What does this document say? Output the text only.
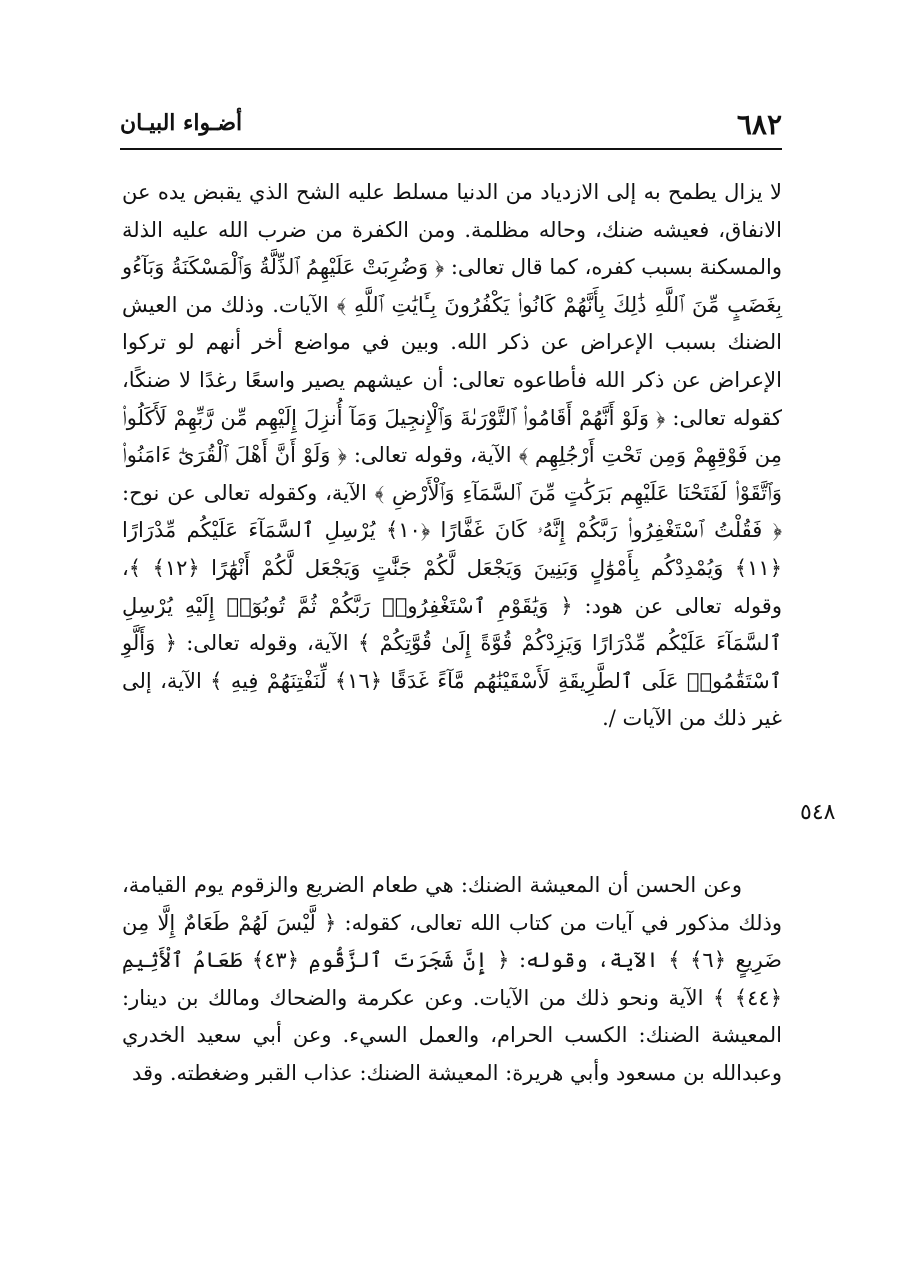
٦٨٢
أضـواء البيـان

لا يزال يطمح به إلى الازدياد من الدنيا مسلط عليه الشح الذي يقبض يده عن الانفاق، فعيشه ضنك، وحاله مظلمة. ومن الكفرة من ضرب الله عليه الذلة والمسكنة بسبب كفره، كما قال تعالى: ﴿ وَضُرِبَتْ عَلَيْهِمُ ٱلذِّلَّةُ وَٱلْمَسْكَنَةُ وَبَآءُو بِغَضَبٍ مِّنَ ٱللَّهِ ذَٰلِكَ بِأَنَّهُمْ كَانُوا۟ يَكْفُرُونَ بِـَٔايَٰتِ ٱللَّهِ ﴾ الآيات. وذلك من العيش الضنك بسبب الإعراض عن ذكر الله. وبين في مواضع أخر أنهم لو تركوا الإعراض عن ذكر الله فأطاعوه تعالى: أن عيشهم يصير واسعًا رغدًا لا ضنكًا، كقوله تعالى: ﴿ وَلَوْ أَنَّهُمْ أَقَامُوا۟ ٱلتَّوْرَىٰةَ وَٱلْإِنجِيلَ وَمَآ أُنزِلَ إِلَيْهِم مِّن رَّبِّهِمْ لَأَكَلُوا۟ مِن فَوْقِهِمْ وَمِن تَحْتِ أَرْجُلِهِم ﴾ الآية، وقوله تعالى: ﴿ وَلَوْ أَنَّ أَهْلَ ٱلْقُرَىٰٓ ءَامَنُوا۟ وَٱتَّقَوْا۟ لَفَتَحْنَا عَلَيْهِم بَرَكَٰتٍ مِّنَ ٱلسَّمَآءِ وَٱلْأَرْضِ ﴾ الآية، وكقوله تعالى عن نوح: ﴿ فَقُلْتُ ٱسْتَغْفِرُوا۟ رَبَّكُمْ إِنَّهُۥ كَانَ غَفَّارًا ﴿١٠﴾ يُرْسِلِ ٱلسَّمَآءَ عَلَيْكُم مِّدْرَارًا ﴿١١﴾ وَيُمْدِدْكُم بِأَمْوَٰلٍ وَبَنِينَ وَيَجْعَل لَّكُمْ جَنَّٰتٍ وَيَجْعَل لَّكُمْ أَنْهَٰرًا ﴿١٢﴾ ﴾، وقوله تعالى عن هود: ﴿ وَيَٰقَوْمِ ٱسْتَغْفِرُوا۟ رَبَّكُمْ ثُمَّ تُوبُوٓا۟ إِلَيْهِ يُرْسِلِ ٱلسَّمَآءَ عَلَيْكُم مِّدْرَارًا وَيَزِدْكُمْ قُوَّةً إِلَىٰ قُوَّتِكُمْ ﴾ الآية، وقوله تعالى: ﴿ وَأَلَّوِ ٱسْتَقَٰمُوا۟ عَلَى ٱلطَّرِيقَةِ لَأَسْقَيْنَٰهُم مَّآءً غَدَقًا ﴿١٦﴾ لِّنَفْتِنَهُمْ فِيهِ ﴾ الآية، إلى غير ذلك من الآيات /.

٥٤٨

وعن الحسن أن المعيشة الضنك: هي طعام الضريع والزقوم يوم القيامة، وذلك مذكور في آيات من كتاب الله تعالى، كقوله: ﴿ لَّيْسَ لَهُمْ طَعَامٌ إِلَّا مِن ضَرِيعٍ ﴿٦﴾ ﴾ الآية، وقوله: ﴿ إِنَّ شَجَرَتَ ٱلزَّقُّومِ ﴿٤٣﴾ طَعَامُ ٱلْأَثِيمِ ﴿٤٤﴾ ﴾ الآية ونحو ذلك من الآيات. وعن عكرمة والضحاك ومالك بن دينار: المعيشة الضنك: الكسب الحرام، والعمل السيء. وعن أبي سعيد الخدري وعبدالله بن مسعود وأبي هريرة: المعيشة الضنك: عذاب القبر وضغطته. وقد
